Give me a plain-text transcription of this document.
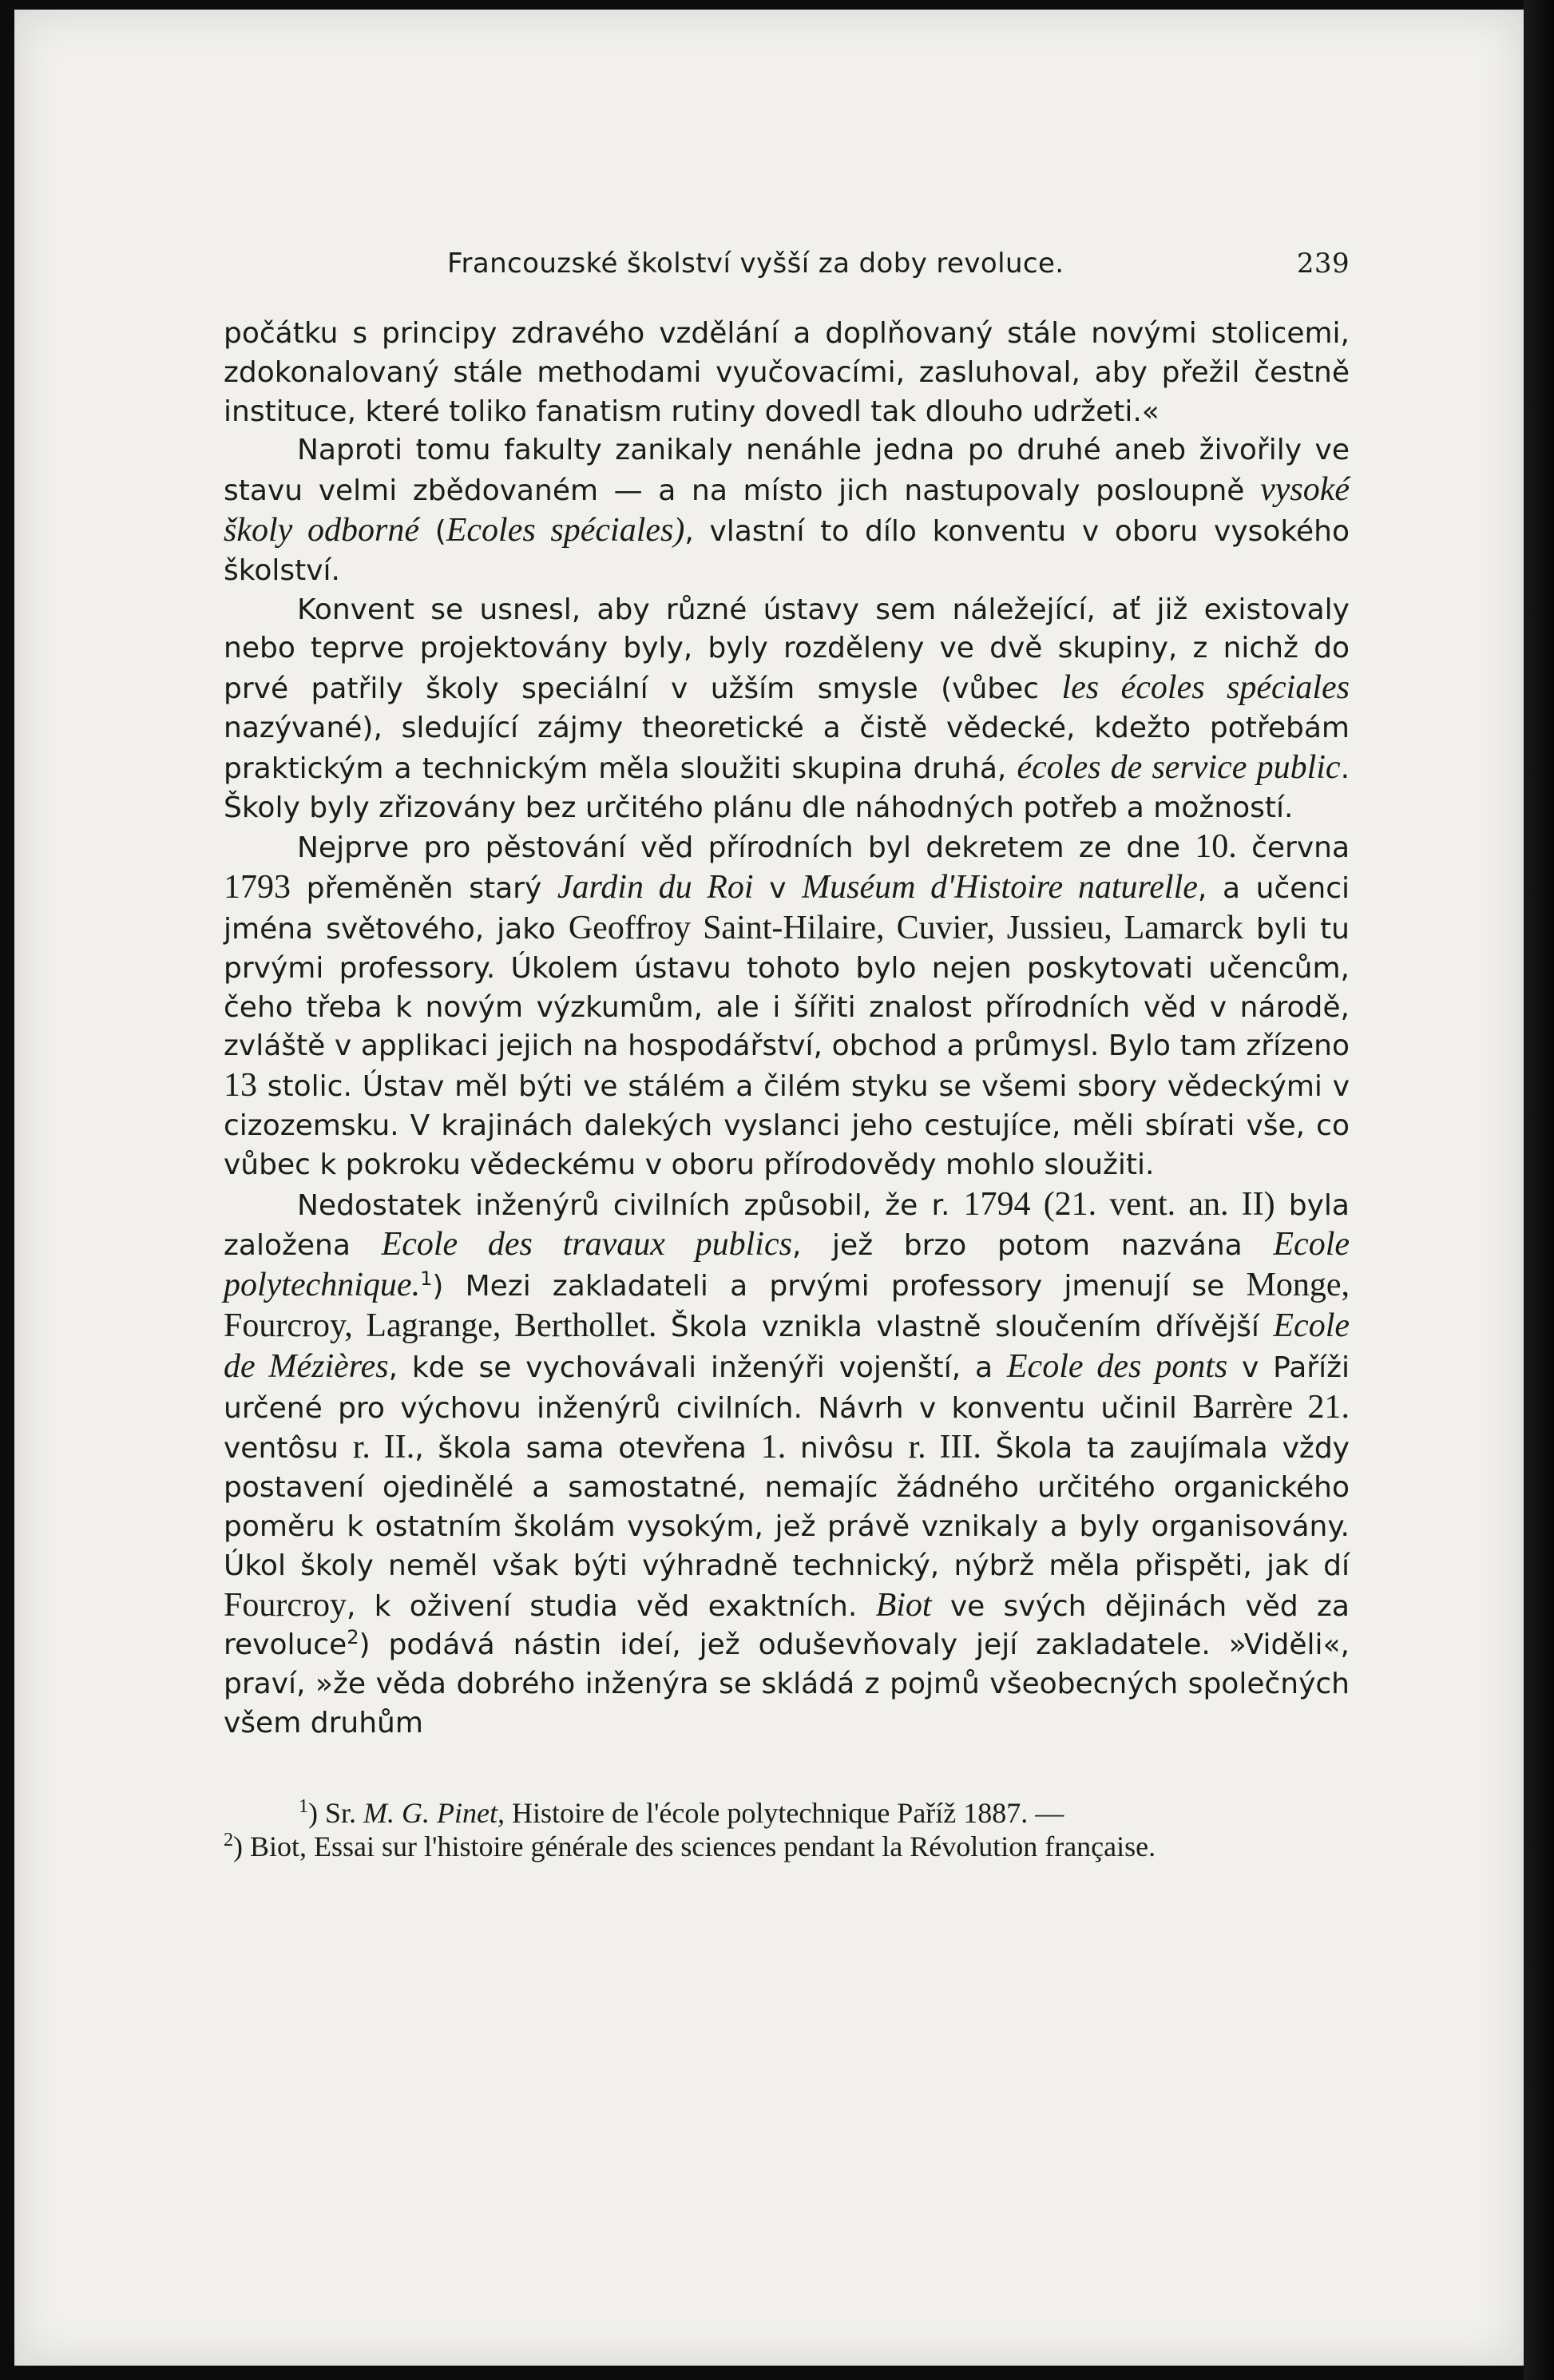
Francouzské školství vyšší za doby revoluce.	239

počátku s principy zdravého vzdělání a doplňovaný stále novými stolicemi, zdokonalovaný stále methodami vyučovacími, zasluhoval, aby přežil čestně instituce, které toliko fanatism rutiny dovedl tak dlouho udržeti.«

Naproti tomu fakulty zanikaly nenáhle jedna po druhé aneb živořily ve stavu velmi zbědovaném — a na místo jich nastupovaly posloupně vysoké školy odborné (Ecoles spéciales), vlastní to dílo konventu v oboru vysokého školství.

Konvent se usnesl, aby různé ústavy sem náležející, ať již existovaly nebo teprve projektovány byly, byly rozděleny ve dvě skupiny, z nichž do prvé patřily školy speciální v užším smysle (vůbec les écoles spéciales nazývané), sledující zájmy theoretické a čistě vědecké, kdežto potřebám praktickým a technickým měla sloužiti skupina druhá, écoles de service public. Školy byly zřizovány bez určitého plánu dle náhodných potřeb a možností.

Nejprve pro pěstování věd přírodních byl dekretem ze dne 10. června 1793 přeměněn starý Jardin du Roi v Muséum d'Histoire naturelle, a učenci jména světového, jako Geoffroy Saint-Hilaire, Cuvier, Jussieu, Lamarck byli tu prvými professory. Úkolem ústavu tohoto bylo nejen poskytovati učencům, čeho třeba k novým výzkumům, ale i šířiti znalost přírodních věd v národě, zvláště v applikaci jejich na hospodářství, obchod a průmysl. Bylo tam zřízeno 13 stolic. Ústav měl býti ve stálém a čilém styku se všemi sbory vědeckými v cizozemsku. V krajinách dalekých vyslanci jeho cestujíce, měli sbírati vše, co vůbec k pokroku vědeckému v oboru přírodovědy mohlo sloužiti.

Nedostatek inženýrů civilních způsobil, že r. 1794 (21. vent. an. II) byla založena Ecole des travaux publics, jež brzo potom nazvána Ecole polytechnique.$^1$) Mezi zakladateli a prvými professory jmenují se Monge, Fourcroy, Lagrange, Berthollet. Škola vznikla vlastně sloučením dřívější Ecole de Mézières, kde se vychovávali inženýři vojenští, a Ecole des ponts v Paříži určené pro výchovu inženýrů civilních. Návrh v konventu učinil Barrère 21. ventôsu r. II., škola sama otevřena 1. nivôsu r. III. Škola ta zaujímala vždy postavení ojedinělé a samostatné, nemajíc žádného určitého organického poměru k ostatním školám vysokým, jež právě vznikaly a byly organisovány. Úkol školy neměl však býti výhradně technický, nýbrž měla přispěti, jak dí Fourcroy, k oživení studia věd exaktních. Biot ve svých dějinách věd za revoluce$^2$) podává nástin ideí, jež oduševňovaly její zakladatele. »Viděli«, praví, »že věda dobrého inženýra se skládá z pojmů všeobecných společných všem druhům

$^1$) Sr. M. G. Pinet, Histoire de l'école polytechnique Paříž 1887. —
$^2$) Biot, Essai sur l'histoire générale des sciences pendant la Révolution française.
